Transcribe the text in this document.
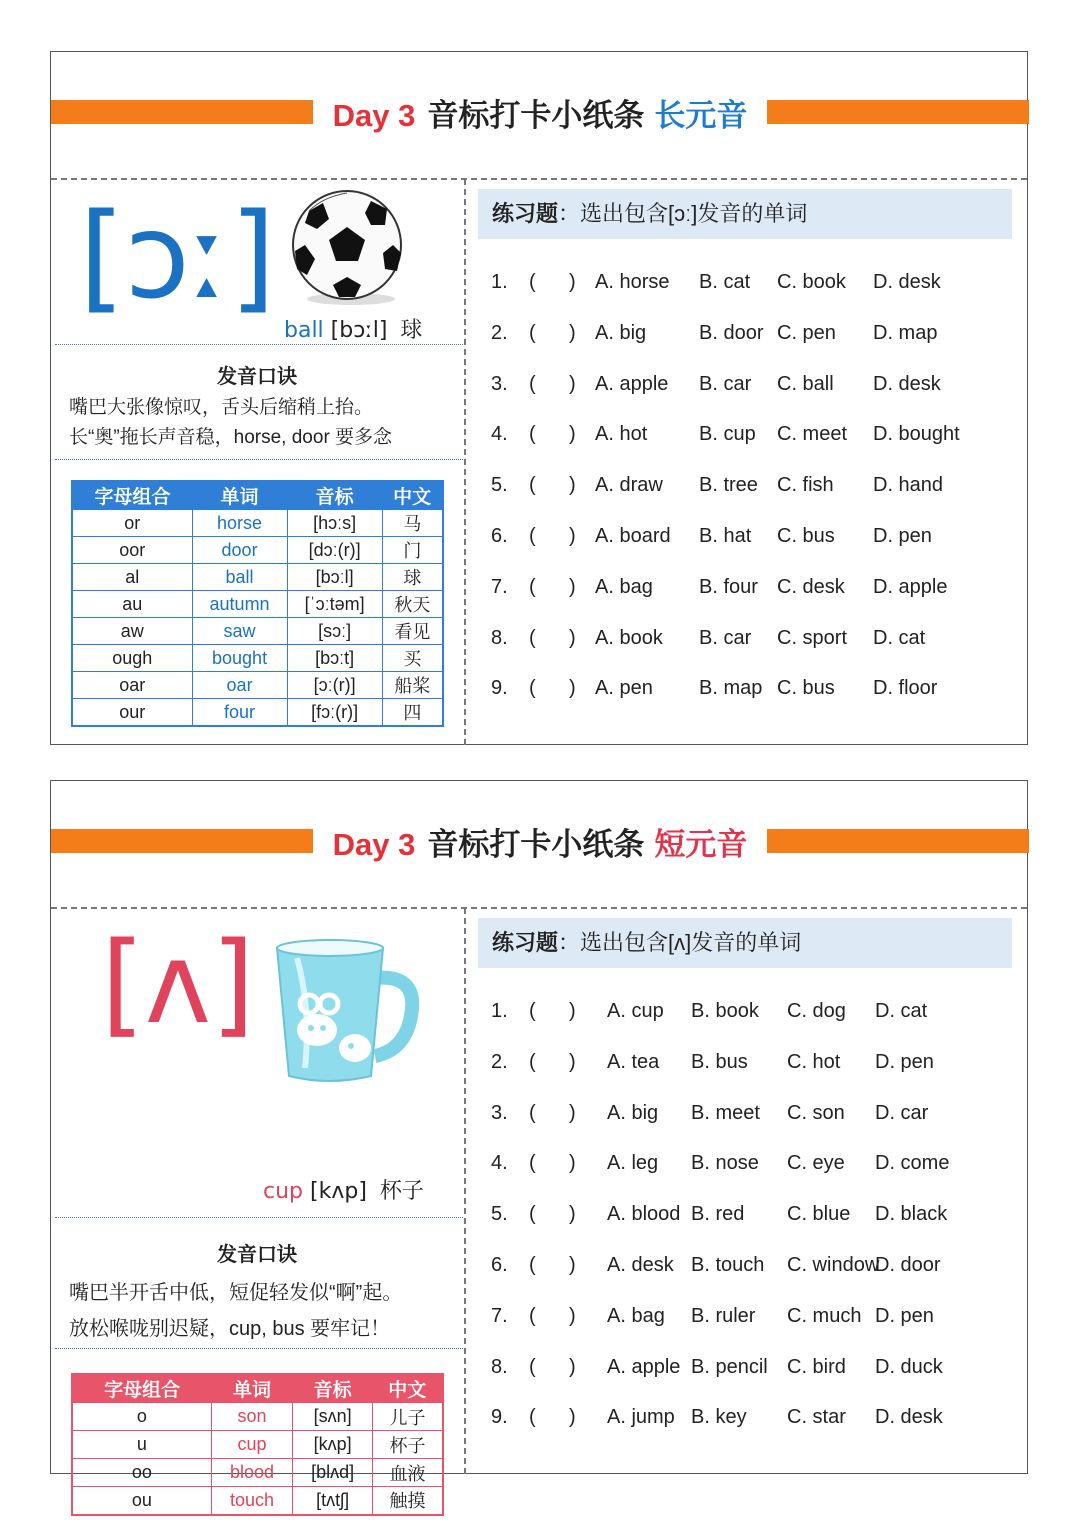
Day 3 音标打卡小纸条 长元音
[ɔː]
ball [bɔːl] 球
发音口诀
嘴巴大张像惊叹，舌头后缩稍上抬。
长“奥”拖长声音稳，horse, door 要多念
字母组合	单词	音标	中文
or	horse	[hɔːs]	马
oor	door	[dɔː(r)]	门
al	ball	[bɔːl]	球
au	autumn	[ˈɔːtəm]	秋天
aw	saw	[sɔː]	看见
ough	bought	[bɔːt]	买
oar	oar	[ɔː(r)]	船桨
our	four	[fɔː(r)]	四
练习题：选出包含[ɔː]发音的单词
1. (      ) A. horse B. cat C. book D. desk
2. (      ) A. big	B. door C. pen D. map
3. (      ) A. apple B. car C. ball D. desk
4. (      ) A. hot	B. cup C. meet D. bought
5. (      ) A. draw B. tree C. fish D. hand
6. (      ) A. board B. hat C. bus D. pen
7. (      ) A. bag B. four C. desk D. apple
8. (      ) A. book B. car C. sport D. cat
9. (      ) A. pen B. map C. bus D. floor
Day 3 音标打卡小纸条 短元音
[ʌ]
cup [kʌp] 杯子
发音口诀
嘴巴半开舌中低，短促轻发似“啊”起。
放松喉咙别迟疑，cup, bus 要牢记！
字母组合	单词	音标	中文
o	son	[sʌn]	儿子
u	cup	[kʌp]	杯子
oo	blood	[blʌd]	血液
ou	touch	[tʌtʃ]	触摸
练习题：选出包含[ʌ]发音的单词
1. (      ) A. cup B. book C. dog D. cat
2. (      ) A. tea B. bus C. hot D. pen
3. (      ) A. big B. meet C. son D. car
4. (      ) A. leg B. nose C. eye D. come
5. (      ) A. blood B. red C. blue D. black
6. (      ) A. desk B. touch C. windowD. door
7. (      ) A. bag B. ruler C. much D. pen
8. (      ) A. apple B. pencil C. bird D. duck
9. (      ) A. jump B. key C. star D. desk
